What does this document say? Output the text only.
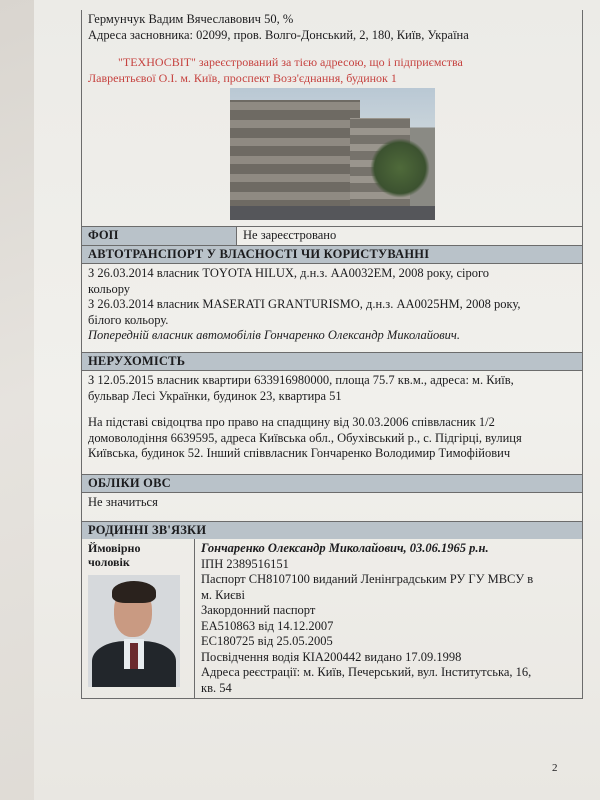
Гермунчук Вадим Вячеславович 50, %

Адреса засновника: 02099, пров. Волго-Донський, 2, 180, Київ, Україна

"ТЕХНОСВІТ" зареєстрований за тією адресою, що і підприємства

Лаврентьєвої О.І. м. Київ, проспект Возз'єднання, будинок 1

ФОП	Не зареєстровано
АВТОТРАНСПОРТ У ВЛАСНОСТІ ЧИ КОРИСТУВАННІ

З 26.03.2014 власник TOYOTA HILUX, д.н.з. АА0032ЕМ, 2008 року, сірого

кольору

З 26.03.2014 власник MASERATI GRANTURISMO, д.н.з. АА0025НМ, 2008 року,

білого кольору.

Попередній власник автомобілів Гончаренко Олександр Миколайович.

НЕРУХОМІСТЬ

З 12.05.2015 власник квартири 633916980000, площа 75.7 кв.м., адреса: м. Київ,

бульвар Лесі Українки, будинок 23, квартира 51

На підставі свідоцтва про право на спадщину від 30.03.2006 співвласник 1/2

домоволодіння 6639595, адреса Київська обл., Обухівський р., с. Підгірці, вулиця

Київська, будинок 52. Інший співвласник Гончаренко Володимир Тимофійович

ОБЛІКИ ОВС
Не значиться
РОДИННІ ЗВ'ЯЗКИ
Ймовірно
чоловік

Гончаренко Олександр Миколайович, 03.06.1965 р.н.

ІПН 2389516151

Паспорт СН8107100 виданий Ленінградським РУ ГУ МВСУ в

м. Києві

Закордонний паспорт

ЕА510863 від 14.12.2007

ЕС180725 від 25.05.2005

Посвідчення водія КІА200442 видано 17.09.1998

Адреса реєстрації: м. Київ, Печерський, вул. Інститутська, 16,

кв. 54

2
